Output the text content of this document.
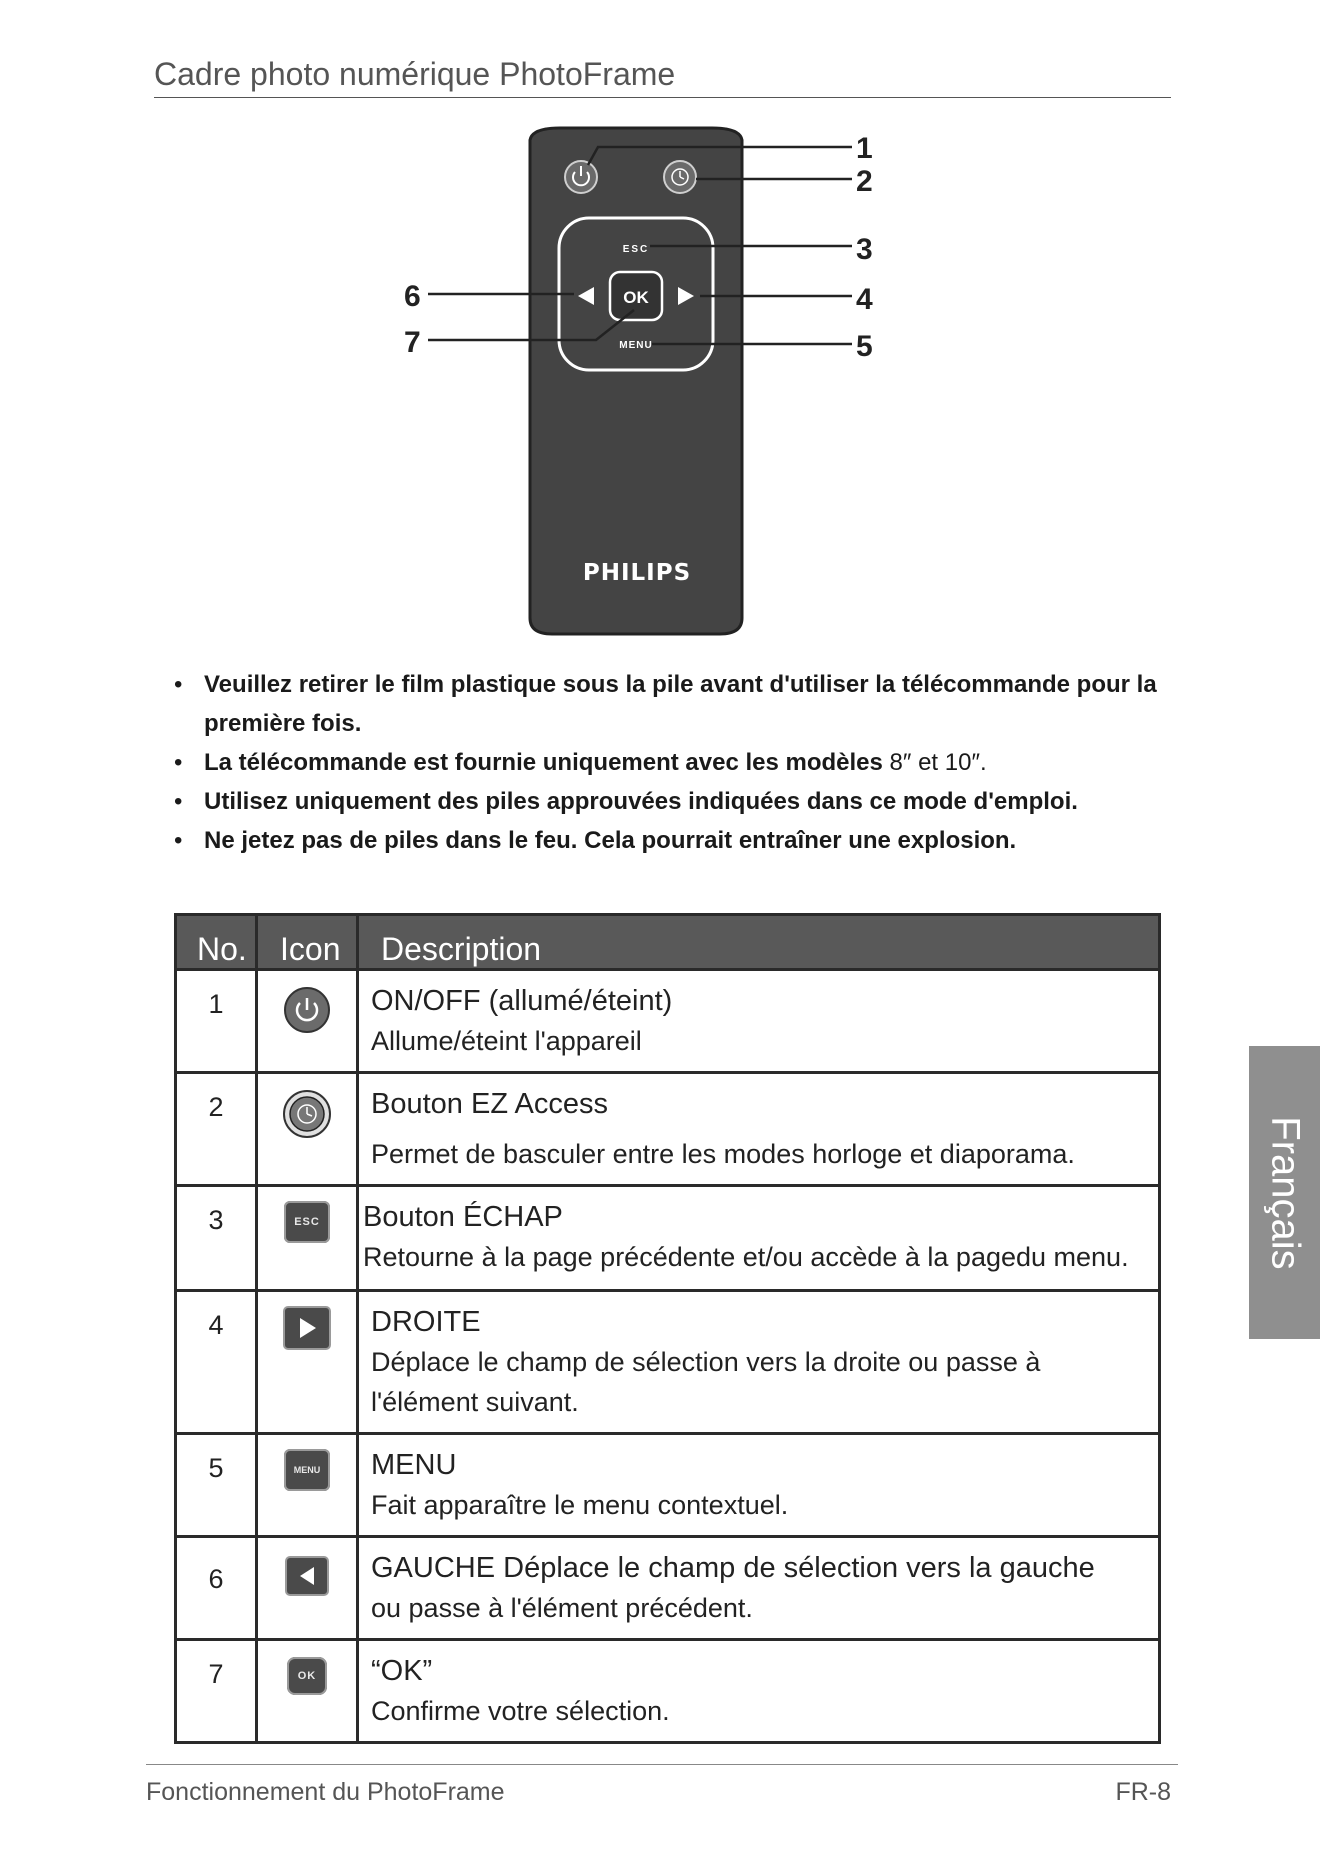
Cadre photo numérique PhotoFrame
ESC
MENU
OK
PHILIPS
1
2
3
4
5
6
7
• Veuillez retirer le film plastique sous la pile avant d'utiliser la télécommande pour la première fois.
• La télécommande est fournie uniquement avec les modèles 8″ et 10″.
• Utilisez uniquement des piles approuvées indiquées dans ce mode d'emploi.
• Ne jetez pas de piles dans le feu. Cela pourrait entraîner une explosion.
No.	Icon	Description
1		ON/OFF (allumé/éteint)
Allume/éteint l'appareil
2		Bouton EZ Access
Permet de basculer entre les modes horloge et diaporama.
3	ESC	Bouton ÉCHAP
Retourne à la page précédente et/ou accède à la pagedu menu.
4		DROITE
Déplace le champ de sélection vers la droite ou passe à l'élément suivant.
5	MENU	MENU
Fait apparaître le menu contextuel.
6		GAUCHE Déplace le champ de sélection vers la gauche
ou passe à l'élément précédent.
7	OK	“OK”
Confirme votre sélection.
Français
Fonctionnement du PhotoFrame	FR-8
